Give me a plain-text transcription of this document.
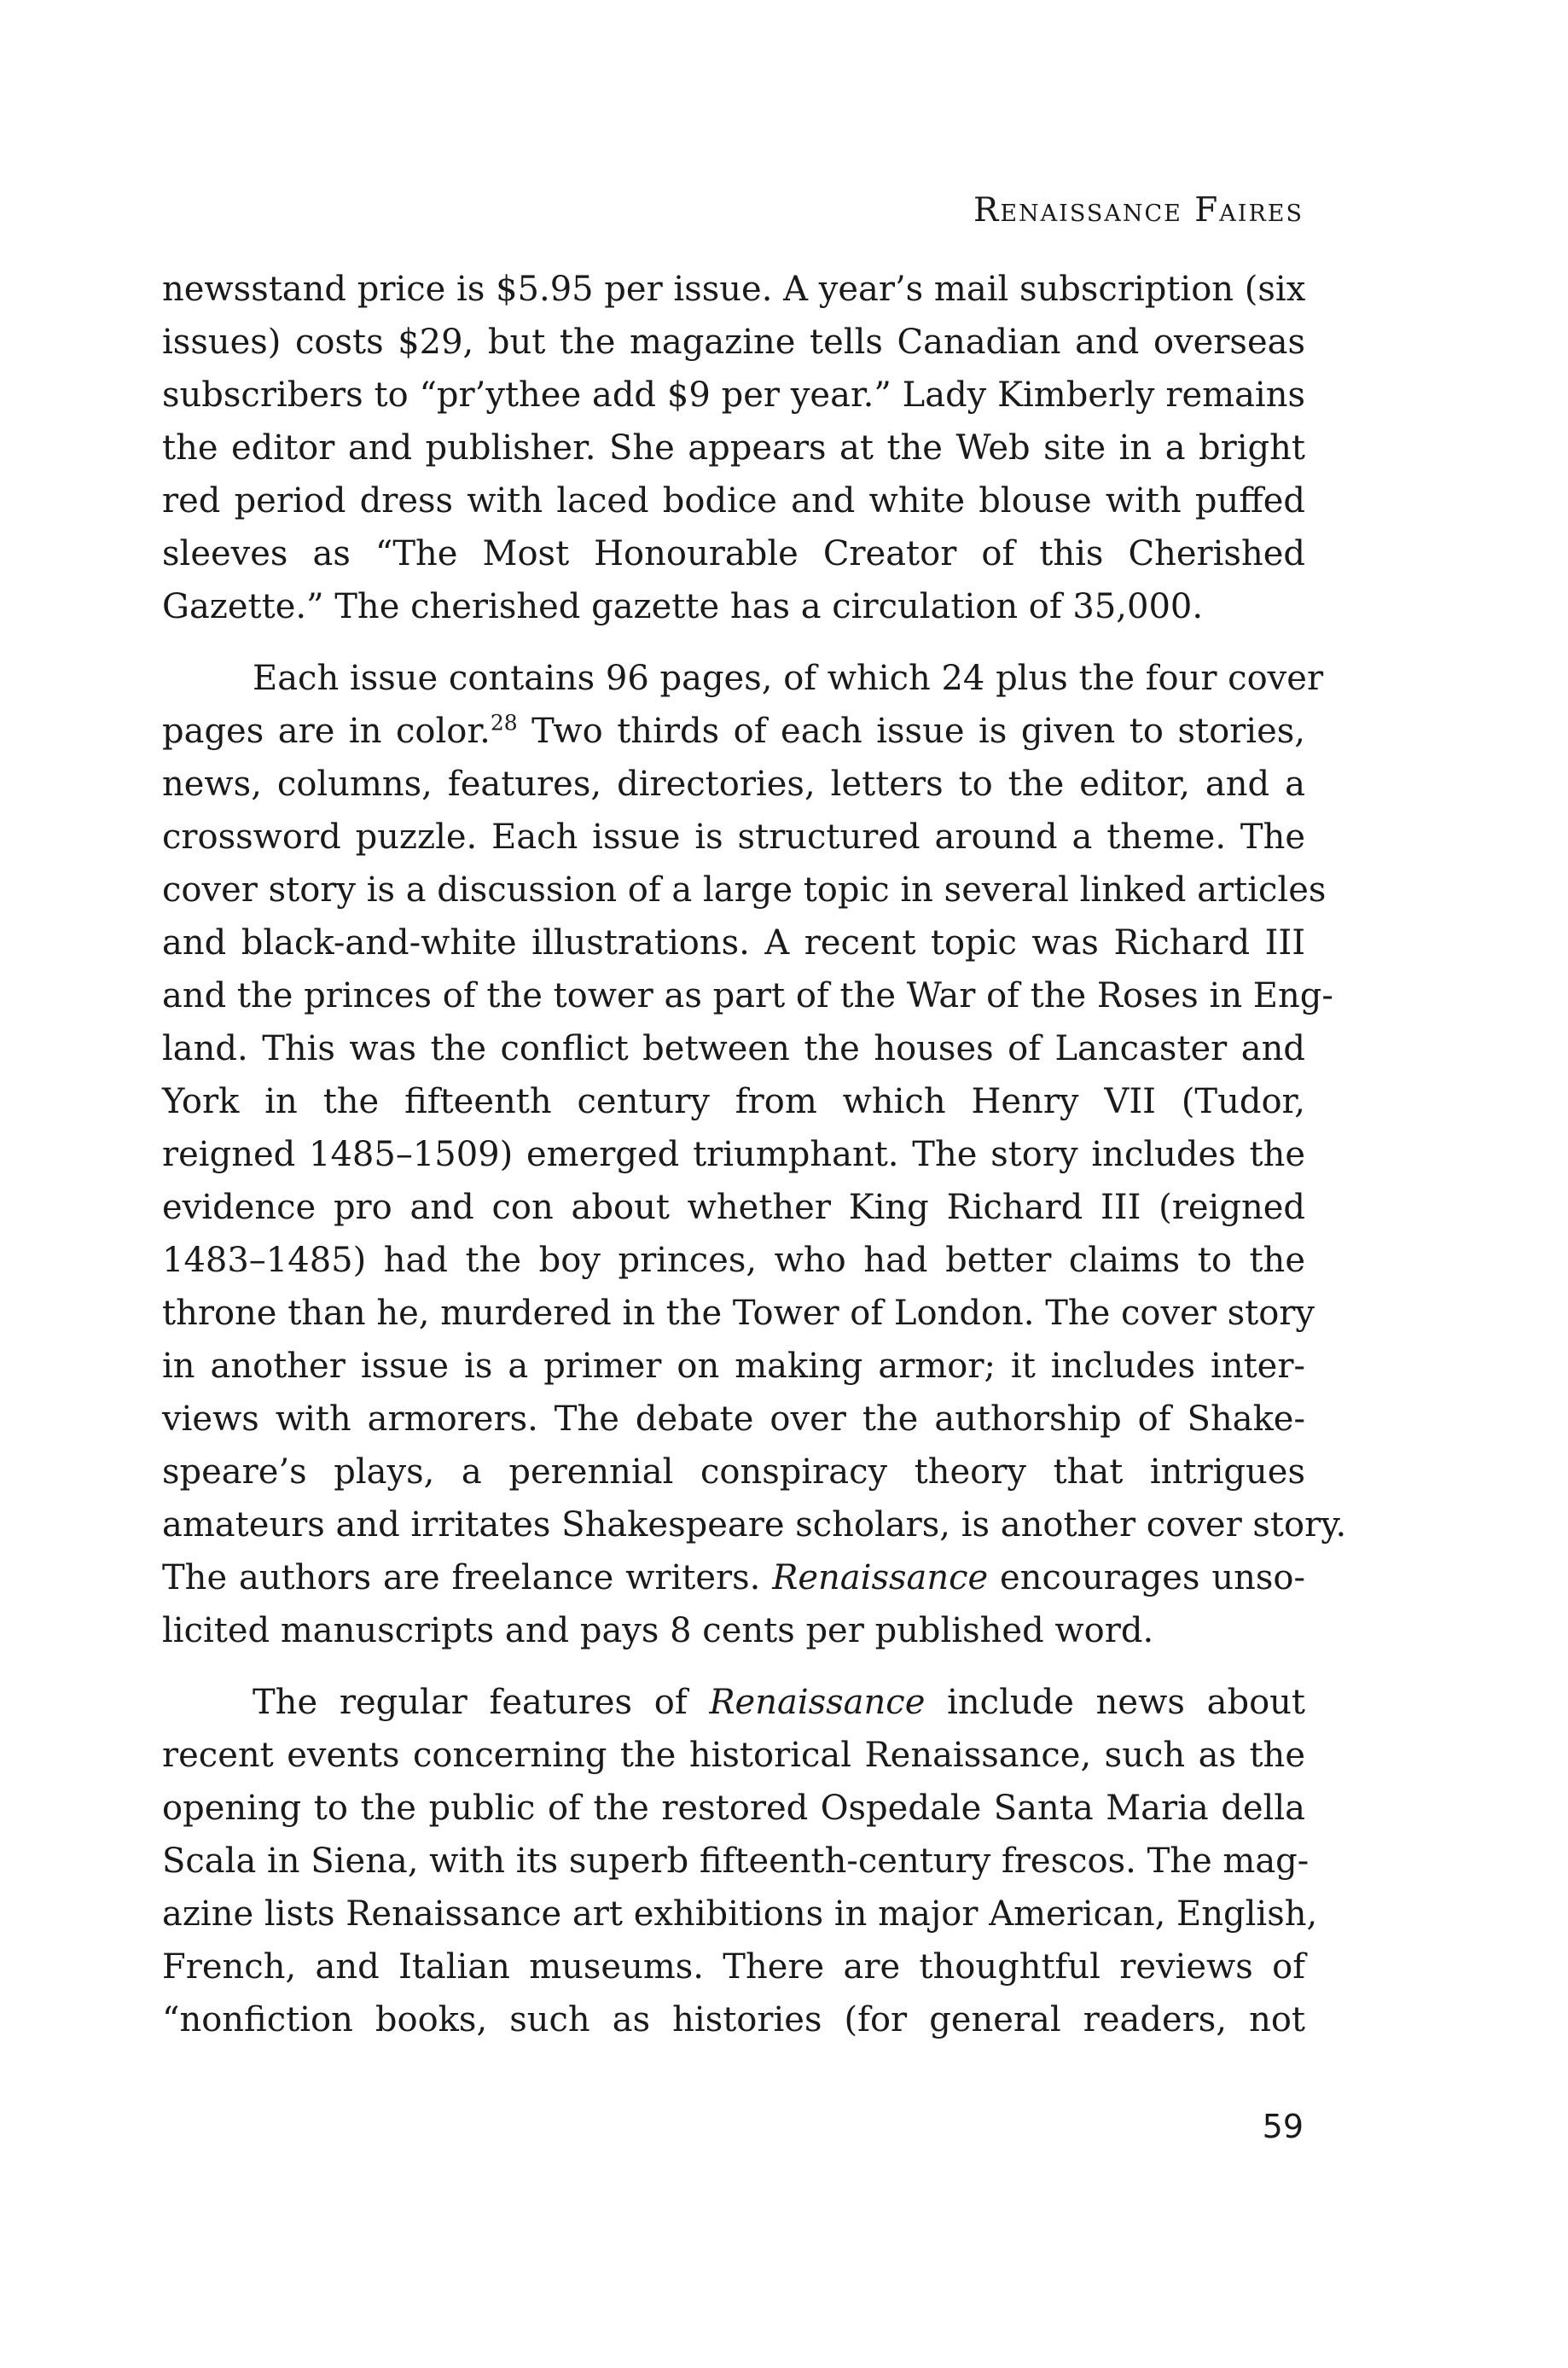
Renaissance Faires

newsstand price is $5.95 per issue. A year’s mail subscription (six
issues) costs $29, but the magazine tells Canadian and overseas
subscribers to “pr’ythee add $9 per year.” Lady Kimberly remains
the editor and publisher. She appears at the Web site in a bright
red period dress with laced bodice and white blouse with puffed
sleeves as “The Most Honourable Creator of this Cherished
Gazette.” The cherished gazette has a circulation of 35,000.

Each issue contains 96 pages, of which 24 plus the four cover
pages are in color.$^{28}$ Two thirds of each issue is given to stories,
news, columns, features, directories, letters to the editor, and a
crossword puzzle. Each issue is structured around a theme. The
cover story is a discussion of a large topic in several linked articles
and black-and-white illustrations. A recent topic was Richard III
and the princes of the tower as part of the War of the Roses in Eng-
land. This was the conflict between the houses of Lancaster and
York in the fifteenth century from which Henry VII (Tudor,
reigned 1485–1509) emerged triumphant. The story includes the
evidence pro and con about whether King Richard III (reigned
1483–1485) had the boy princes, who had better claims to the
throne than he, murdered in the Tower of London. The cover story
in another issue is a primer on making armor; it includes inter-
views with armorers. The debate over the authorship of Shake-
speare’s plays, a perennial conspiracy theory that intrigues
amateurs and irritates Shakespeare scholars, is another cover story.
The authors are freelance writers. Renaissance encourages unso-
licited manuscripts and pays 8 cents per published word.

The regular features of Renaissance include news about
recent events concerning the historical Renaissance, such as the
opening to the public of the restored Ospedale Santa Maria della
Scala in Siena, with its superb fifteenth-century frescos. The mag-
azine lists Renaissance art exhibitions in major American, English,
French, and Italian museums. There are thoughtful reviews of
“nonfiction books, such as histories (for general readers, not

59
